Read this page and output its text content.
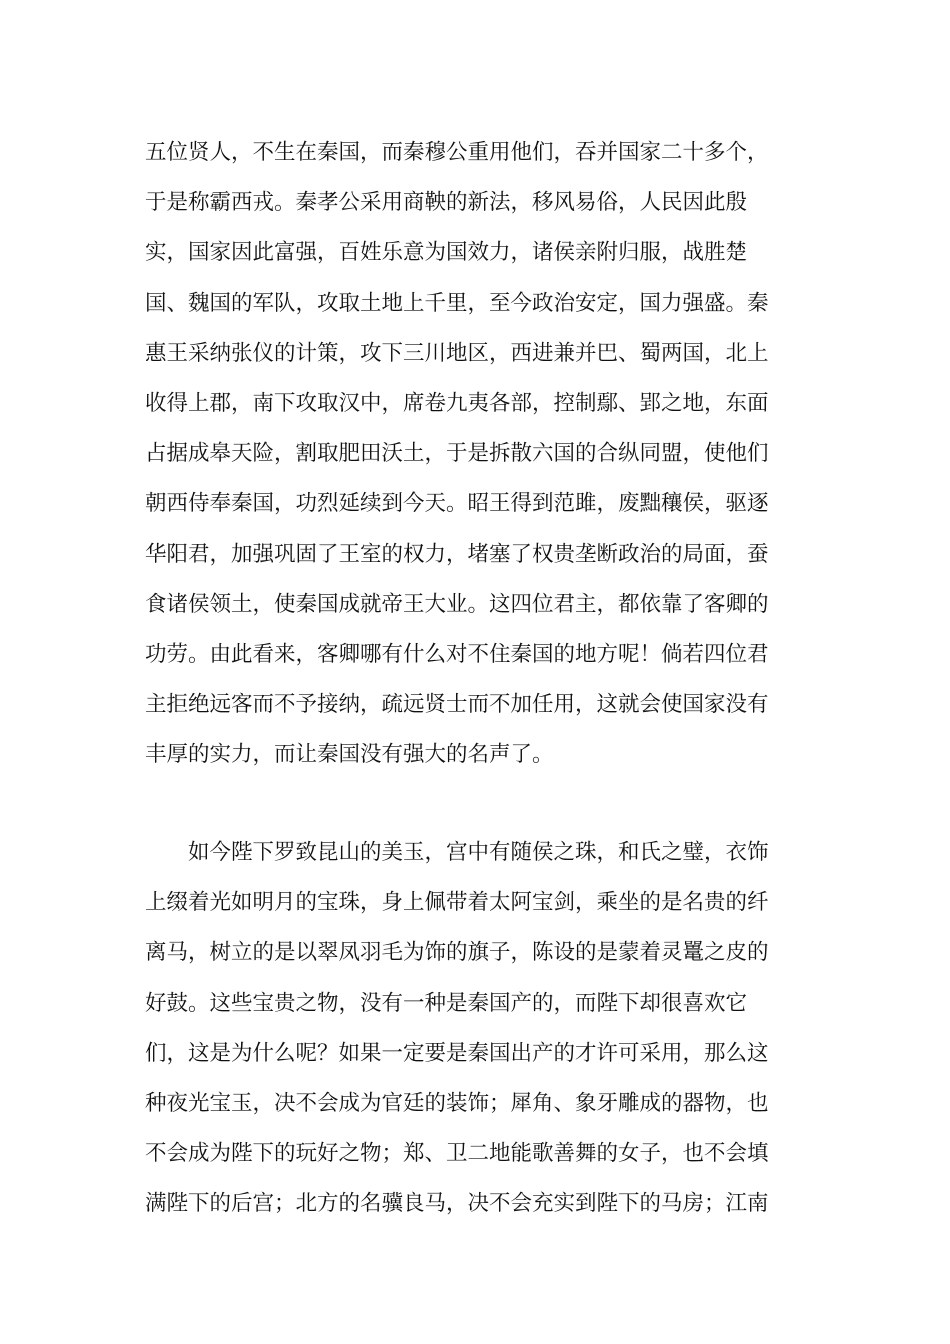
五位贤人，不生在秦国，而秦穆公重用他们，吞并国家二十多个，
于是称霸西戎。秦孝公采用商鞅的新法，移风易俗，人民因此殷
实，国家因此富强，百姓乐意为国效力，诸侯亲附归服，战胜楚
国、魏国的军队，攻取土地上千里，至今政治安定，国力强盛。秦
惠王采纳张仪的计策，攻下三川地区，西进兼并巴、蜀两国，北上
收得上郡，南下攻取汉中，席卷九夷各部，控制鄢、郢之地，东面
占据成皋天险，割取肥田沃土，于是拆散六国的合纵同盟，使他们
朝西侍奉秦国，功烈延续到今天。昭王得到范雎，废黜穰侯，驱逐
华阳君，加强巩固了王室的权力，堵塞了权贵垄断政治的局面，蚕
食诸侯领土，使秦国成就帝王大业。这四位君主，都依靠了客卿的
功劳。由此看来，客卿哪有什么对不住秦国的地方呢！倘若四位君
主拒绝远客而不予接纳，疏远贤士而不加任用，这就会使国家没有
丰厚的实力，而让秦国没有强大的名声了。
　　如今陛下罗致昆山的美玉，宫中有随侯之珠，和氏之璧，衣饰
上缀着光如明月的宝珠，身上佩带着太阿宝剑，乘坐的是名贵的纤
离马，树立的是以翠凤羽毛为饰的旗子，陈设的是蒙着灵鼍之皮的
好鼓。这些宝贵之物，没有一种是秦国产的，而陛下却很喜欢它
们，这是为什么呢？如果一定要是秦国出产的才许可采用，那么这
种夜光宝玉，决不会成为官廷的装饰；犀角、象牙雕成的器物，也
不会成为陛下的玩好之物；郑、卫二地能歌善舞的女子，也不会填
满陛下的后宫；北方的名骥良马，决不会充实到陛下的马房；江南
